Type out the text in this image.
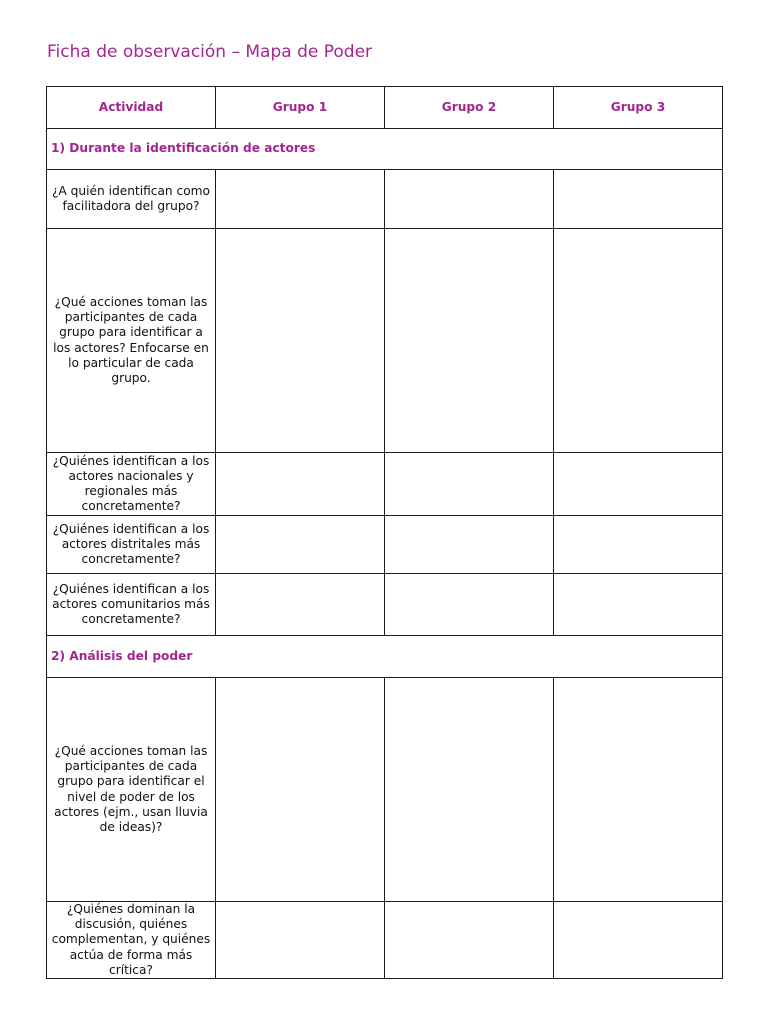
Ficha de observación – Mapa de Poder
Actividad	Grupo 1	Grupo 2	Grupo 3
1) Durante la identificación de actores			
¿A quién identifican como facilitadora del grupo?			
¿Qué acciones toman las participantes de cada grupo para identificar a los actores? Enfocarse en lo particular de cada grupo.			
¿Quiénes identifican a los actores nacionales y regionales más concretamente?			
¿Quiénes identifican a los actores distritales más concretamente?			
¿Quiénes identifican a los actores comunitarios más concretamente?			
2) Análisis del poder			
¿Qué acciones toman las participantes de cada grupo para identificar el nivel de poder de los actores (ejm., usan lluvia de ideas)?			
¿Quiénes dominan la discusión, quiénes complementan, y quiénes actúa de forma más crítica?			
